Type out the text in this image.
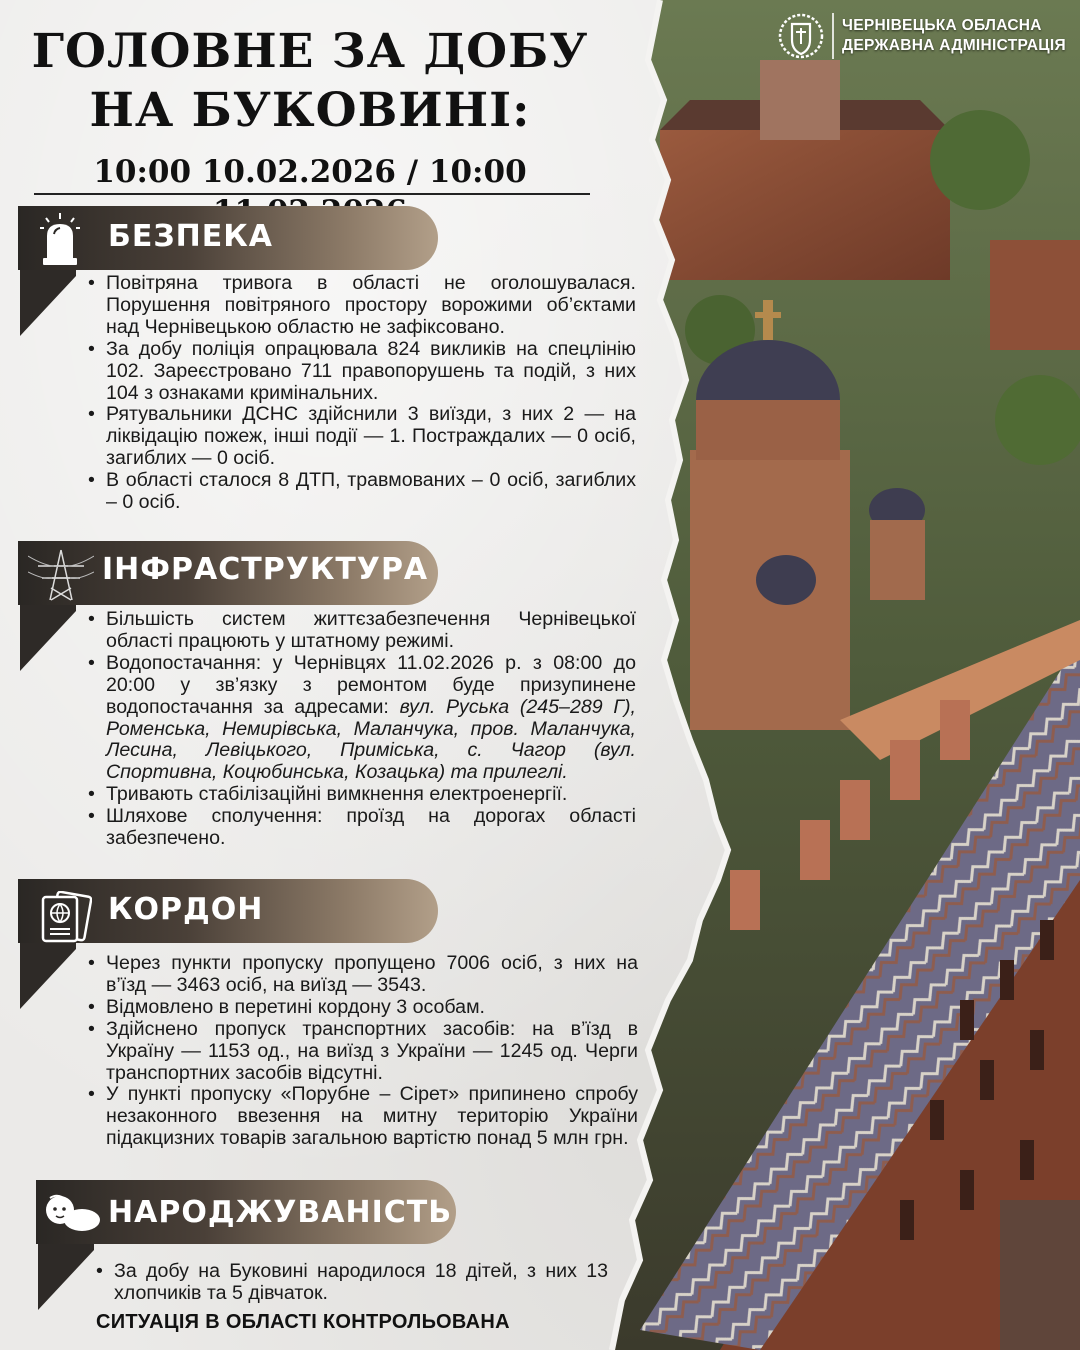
ЧЕРНІВЕЦЬКА ОБЛАСНА
ДЕРЖАВНА АДМІНІСТРАЦІЯ
ГОЛОВНЕ ЗА ДОБУ
НА БУКОВИНІ:
10:00 10.02.2026 / 10:00
БЕЗПЕКА
• Повітряна тривога в області не оголошувалася. Порушення повітряного простору ворожими об’єктами над Чернівецькою областю не зафіксовано.
• За добу поліція опрацювала 824 викликів на спецлінію 102. Зареєстровано 711 правопорушень та подій, з них 104 з ознаками кримінальних.
• Рятувальники ДСНС здійснили 3 виїзди, з них 2 — на ліквідацію пожеж, інші події — 1. Постраждалих — 0 осіб, загиблих — 0 осіб.
• В області сталося 8 ДТП, травмованих – 0 осіб, загиблих – 0 осіб.
ІНФРАСТРУКТУРА
• Більшість систем життєзабезпечення Чернівецької області працюють у штатному режимі.
• Водопостачання: у Чернівцях 11.02.2026 р. з 08:00 до 20:00 у зв’язку з ремонтом буде призупинене водопостачання за адресами: вул. Руська (245–289 Г), Роменська, Немирівська, Маланчука, пров. Маланчука, Лесина, Левіцького, Приміська, с. Чагор (вул. Спортивна, Коцюбинська, Козацька) та прилеглі.
• Тривають стабілізаційні вимкнення електроенергії.
• Шляхове сполучення: проїзд на дорогах області забезпечено.
КОРДОН
• Через пункти пропуску пропущено 7006 осіб, з них на в’їзд — 3463 осіб, на виїзд — 3543.
• Відмовлено в перетині кордону 3 особам.
• Здійснено пропуск транспортних засобів: на в’їзд в Україну — 1153 од., на виїзд з України — 1245 од. Черги транспортних засобів відсутні.
• У пункті пропуску «Порубне – Сірет» припинено спробу незаконного ввезення на митну територію України підакцизних товарів загальною вартістю понад 5 млн грн.
НАРОДЖУВАНІСТЬ
• За добу на Буковині народилося 18 дітей, з них 13 хлопчиків та 5 дівчаток.
СИТУАЦІЯ В ОБЛАСТІ КОНТРОЛЬОВАНА
